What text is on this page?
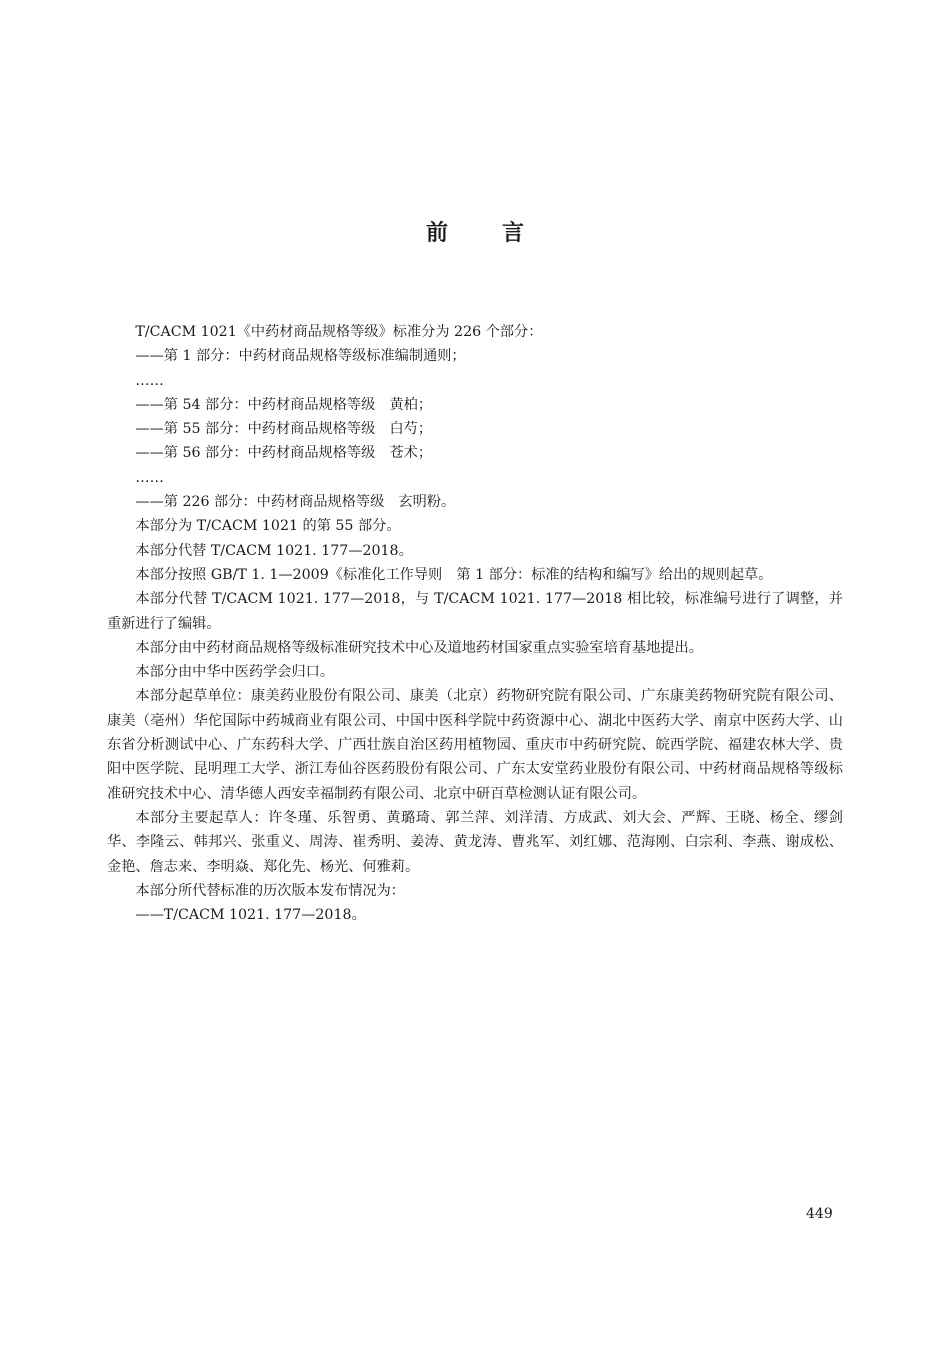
前 言

T/CACM 1021《中药材商品规格等级》标准分为 226 个部分：

——第 1 部分：中药材商品规格等级标准编制通则；

……

——第 54 部分：中药材商品规格等级　黄柏；

——第 55 部分：中药材商品规格等级　白芍；

——第 56 部分：中药材商品规格等级　苍术；

……

——第 226 部分：中药材商品规格等级　玄明粉。

本部分为 T/CACM 1021 的第 55 部分。

本部分代替 T/CACM 1021. 177—2018。

本部分按照 GB/T 1. 1—2009《标准化工作导则　第 1 部分：标准的结构和编写》给出的规则起草。

本部分代替 T/CACM 1021. 177—2018，与 T/CACM 1021. 177—2018 相比较，标准编号进行了调整，并重新进行了编辑。

本部分由中药材商品规格等级标准研究技术中心及道地药材国家重点实验室培育基地提出。

本部分由中华中医药学会归口。

本部分起草单位：康美药业股份有限公司、康美（北京）药物研究院有限公司、广东康美药物研究院有限公司、康美（亳州）华佗国际中药城商业有限公司、中国中医科学院中药资源中心、湖北中医药大学、南京中医药大学、山东省分析测试中心、广东药科大学、广西壮族自治区药用植物园、重庆市中药研究院、皖西学院、福建农林大学、贵阳中医学院、昆明理工大学、浙江寿仙谷医药股份有限公司、广东太安堂药业股份有限公司、中药材商品规格等级标准研究技术中心、清华德人西安幸福制药有限公司、北京中研百草检测认证有限公司。

本部分主要起草人：许冬瑾、乐智勇、黄璐琦、郭兰萍、刘洋清、方成武、刘大会、严辉、王晓、杨全、缪剑华、李隆云、韩邦兴、张重义、周涛、崔秀明、姜涛、黄龙涛、曹兆军、刘红娜、范海刚、白宗利、李燕、谢成松、金艳、詹志来、李明焱、郑化先、杨光、何雅莉。

本部分所代替标准的历次版本发布情况为：

——T/CACM 1021. 177—2018。

449
